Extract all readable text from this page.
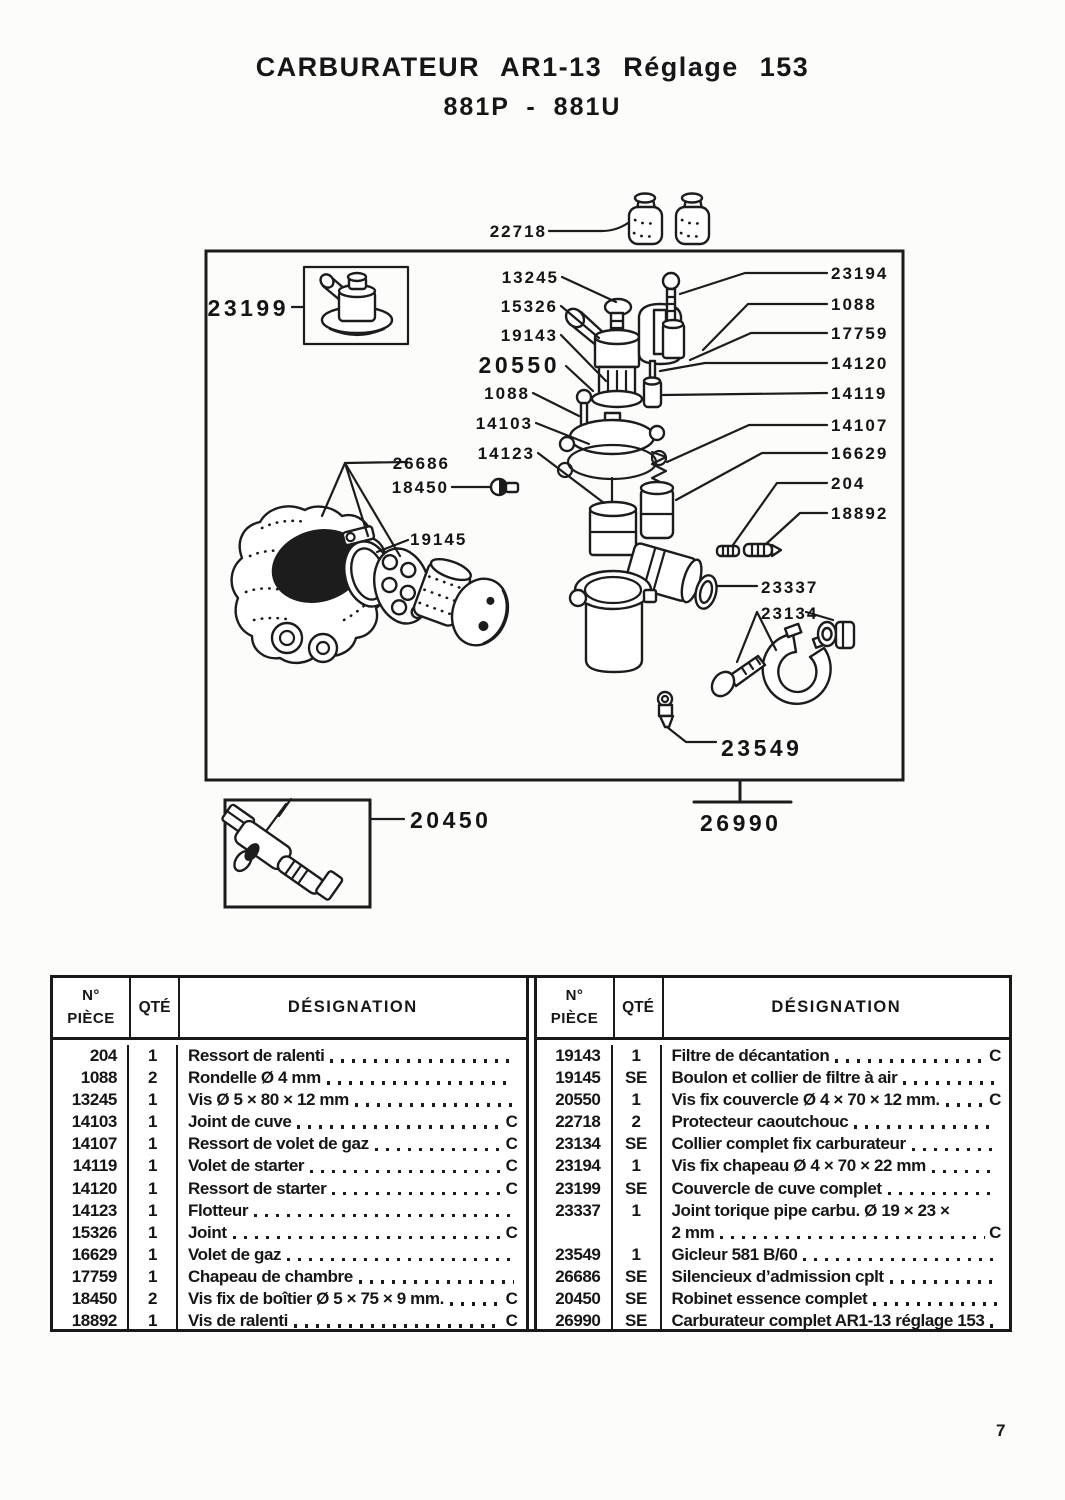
CARBURATEUR AR1-13 Réglage 153
881P - 881U
22718
13245
15326
19143
20550
1088
14103
14123
26686
18450
19145
23199
23194
1088
17759
14120
14119
14107
16629
204
18892
23337
23134
23549
20450	26990
N°
PIÈCE
QTÉ	DÉSIGNATION
204	1	Ressort de ralenti
1088	2	Rondelle Ø 4 mm
13245	1	Vis Ø 5 × 80 × 12 mm
14103	1	Joint de cuve	C
14107	1	Ressort de volet de gaz	C
14119	1	Volet de starter	C
14120	1	Ressort de starter	C
14123	1	Flotteur
15326	1	Joint	C
16629	1	Volet de gaz
17759	1	Chapeau de chambre
18450	2	Vis fix de boîtier Ø 5 × 75 × 9 mm.	C
18892	1	Vis de ralenti	C
N°
PIÈCE
QTÉ	DÉSIGNATION
19143	1	Filtre de décantation	C
19145	SE	Boulon et collier de filtre à air
20550	1	Vis fix couvercle Ø 4 × 70 × 12 mm.	C
22718	2	Protecteur caoutchouc
23134	SE	Collier complet fix carburateur
23194	1	Vis fix chapeau Ø 4 × 70 × 22 mm
23199	SE	Couvercle de cuve complet
23337	1	Joint torique pipe carbu. Ø 19 × 23 ×
2 mm	C
23549	1	Gicleur 581 B/60
26686	SE	Silencieux d’admission cplt
20450	SE	Robinet essence complet
26990	SE	Carburateur complet AR1-13 réglage 153
7
